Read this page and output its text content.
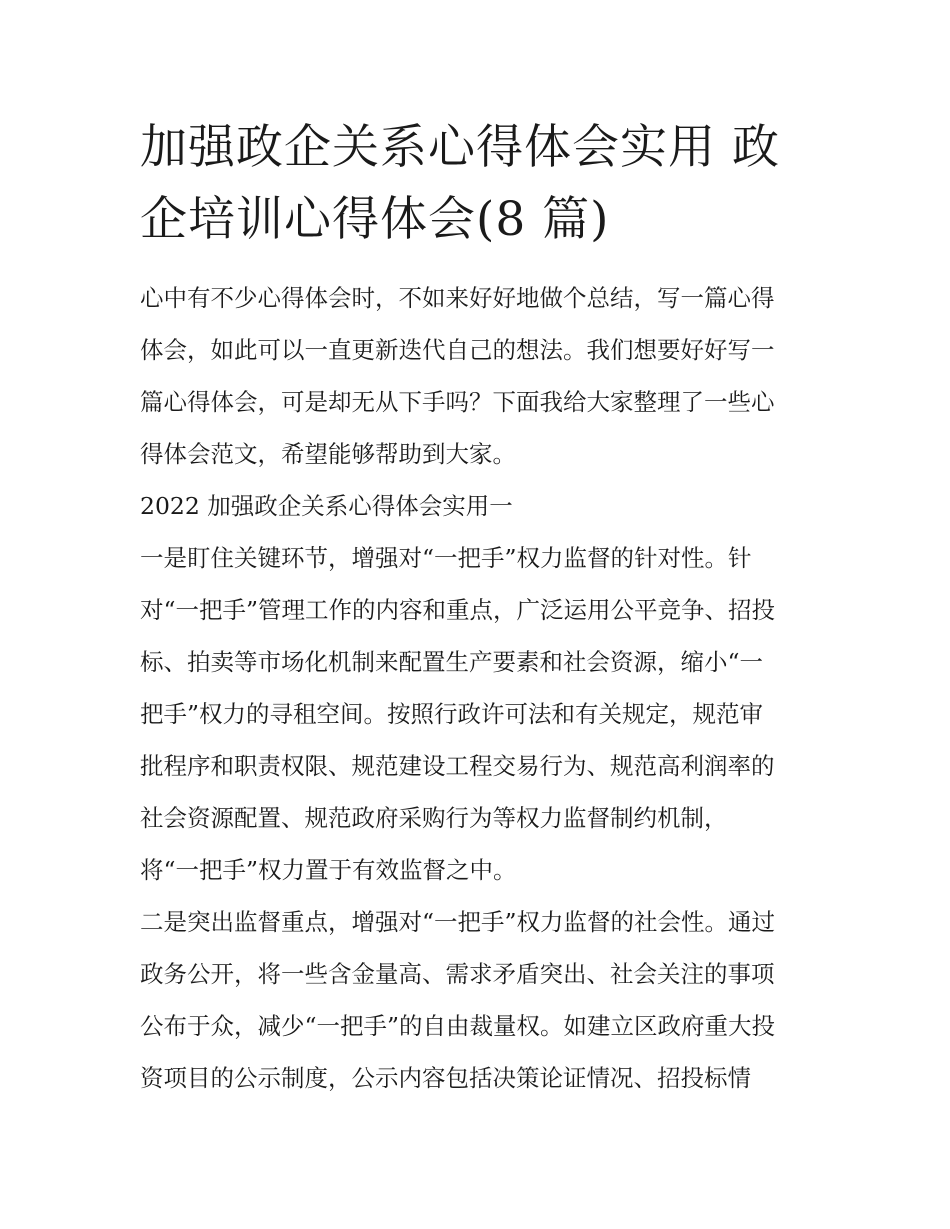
加强政企关系心得体会实用 政
企培训心得体会(8 篇)
心中有不少心得体会时，不如来好好地做个总结，写一篇心得
体会，如此可以一直更新迭代自己的想法。我们想要好好写一
篇心得体会，可是却无从下手吗？下面我给大家整理了一些心
得体会范文，希望能够帮助到大家。
2022 加强政企关系心得体会实用一
一是盯住关键环节，增强对“一把手”权力监督的针对性。针
对“一把手”管理工作的内容和重点，广泛运用公平竞争、招投
标、拍卖等市场化机制来配置生产要素和社会资源，缩小“一
把手”权力的寻租空间。按照行政许可法和有关规定，规范审
批程序和职责权限、规范建设工程交易行为、规范高利润率的
社会资源配置、规范政府采购行为等权力监督制约机制，
将“一把手”权力置于有效监督之中。
二是突出监督重点，增强对“一把手”权力监督的社会性。通过
政务公开，将一些含金量高、需求矛盾突出、社会关注的事项
公布于众，减少“一把手”的自由裁量权。如建立区政府重大投
资项目的公示制度，公示内容包括决策论证情况、招投标情
